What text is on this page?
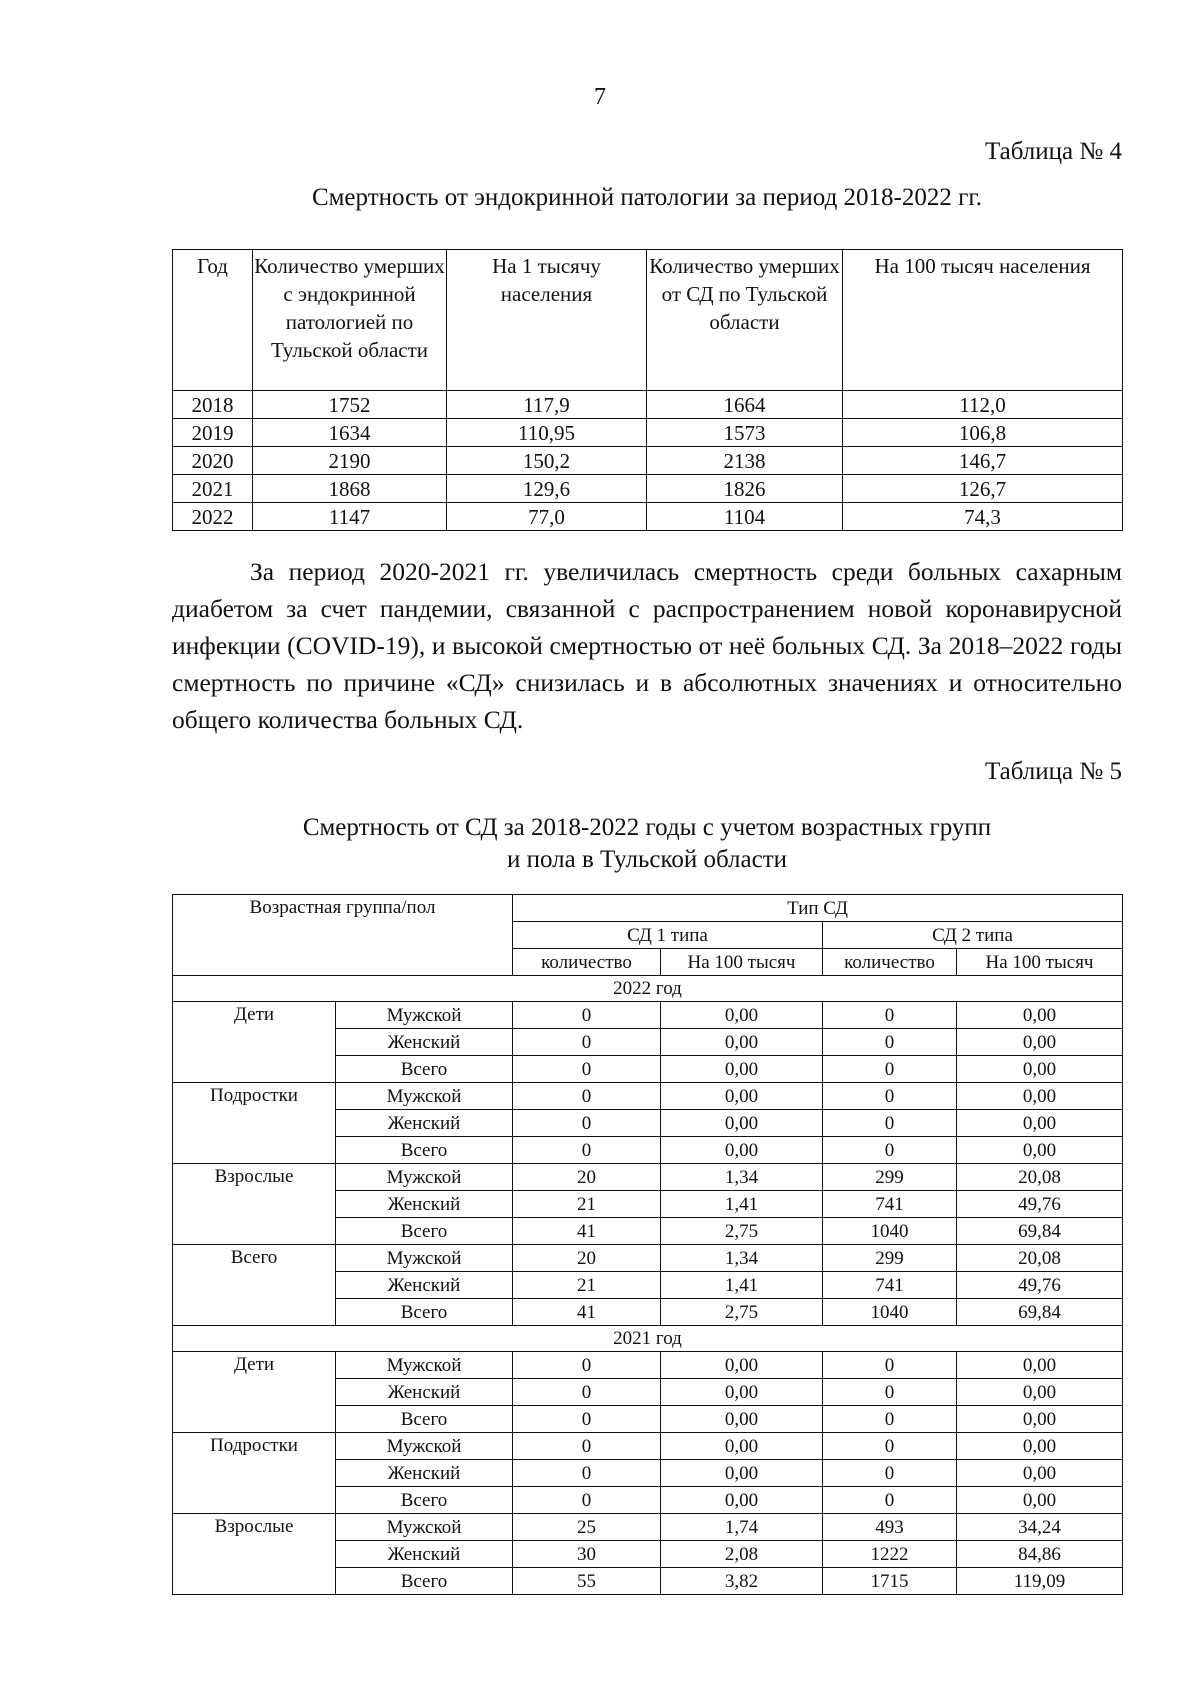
7
Таблица № 4
Смертность от эндокринной патологии за период 2018-2022 гг.
Год	Количество умерших с эндокринной патологией по Тульской области	На 1 тысячу населения	Количество умерших от СД по Тульской области	На 100 тысяч населения
2018	1752	117,9	1664	112,0
2019	1634	110,95	1573	106,8
2020	2190	150,2	2138	146,7
2021	1868	129,6	1826	126,7
2022	1147	77,0	1104	74,3

За период 2020-2021 гг. увеличилась смертность среди больных сахарным диабетом за счет пандемии, связанной с распространением новой коронавирусной инфекции (COVID-19), и высокой смертностью от неё больных СД. За 2018–2022 годы смертность по причине «СД» снизилась и в абсолютных значениях и относительно общего количества больных СД.

Таблица № 5
Смертность от СД за 2018-2022 годы с учетом возрастных групп
и пола в Тульской области
Возрастная группа/пол		Тип СД			
		СД 1 типа		СД 2 типа	
		количество	На 100 тысяч	количество	На 100 тысяч
2022 год					
Дети	Мужской	0	0,00	0	0,00
	Женский	0	0,00	0	0,00
	Всего	0	0,00	0	0,00
Подростки	Мужской	0	0,00	0	0,00
	Женский	0	0,00	0	0,00
	Всего	0	0,00	0	0,00
Взрослые	Мужской	20	1,34	299	20,08
	Женский	21	1,41	741	49,76
	Всего	41	2,75	1040	69,84
Всего	Мужской	20	1,34	299	20,08
	Женский	21	1,41	741	49,76
	Всего	41	2,75	1040	69,84
2021 год					
Дети	Мужской	0	0,00	0	0,00
	Женский	0	0,00	0	0,00
	Всего	0	0,00	0	0,00
Подростки	Мужской	0	0,00	0	0,00
	Женский	0	0,00	0	0,00
	Всего	0	0,00	0	0,00
Взрослые	Мужской	25	1,74	493	34,24
	Женский	30	2,08	1222	84,86
	Всего	55	3,82	1715	119,09
